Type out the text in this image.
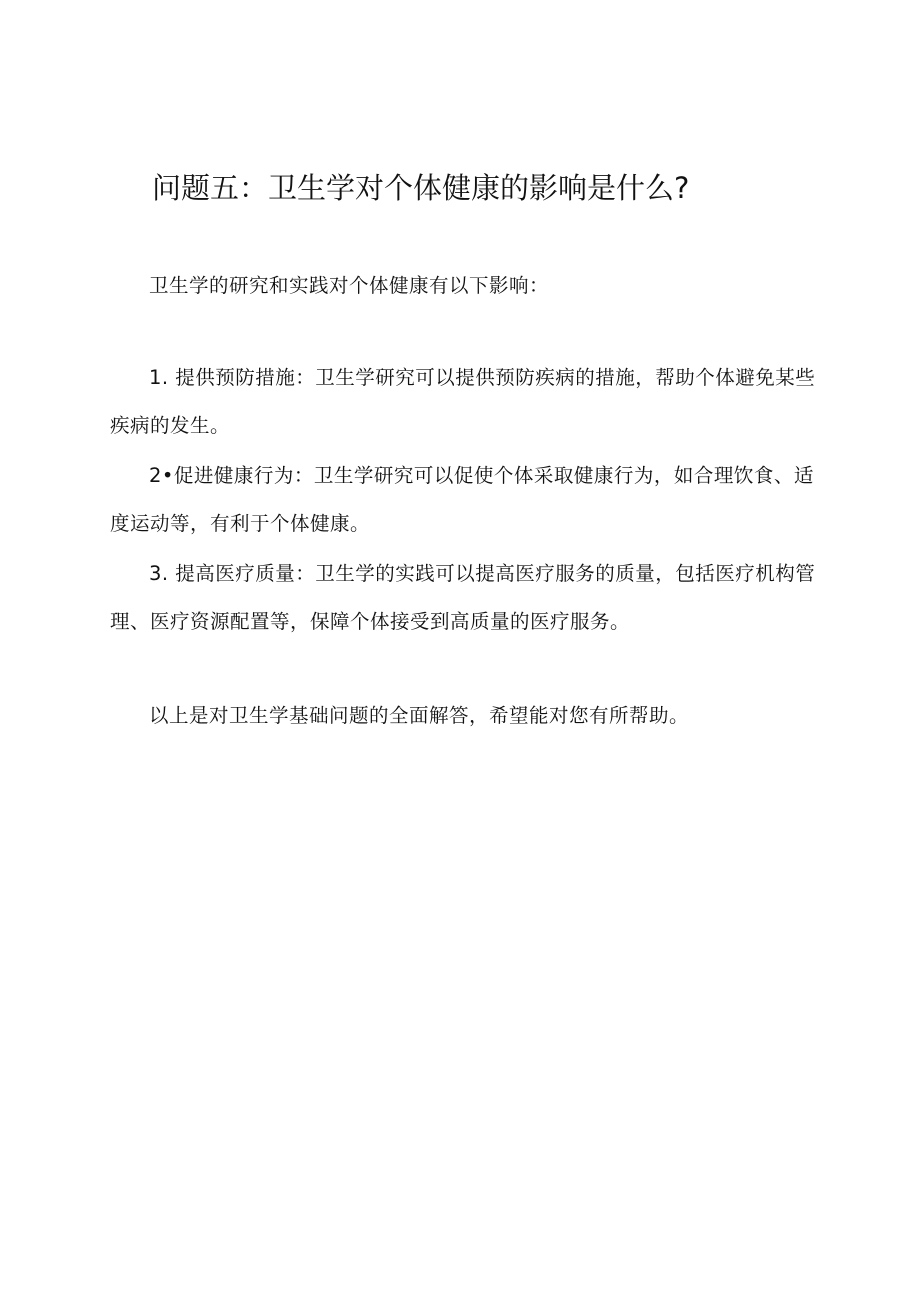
问题五：卫生学对个体健康的影响是什么?

卫生学的研究和实践对个体健康有以下影响：

1. 提供预防措施：卫生学研究可以提供预防疾病的措施，帮助个体避免某些疾病的发生。

2•促进健康行为：卫生学研究可以促使个体采取健康行为，如合理饮食、适度运动等，有利于个体健康。

3. 提高医疗质量：卫生学的实践可以提高医疗服务的质量，包括医疗机构管理、医疗资源配置等，保障个体接受到高质量的医疗服务。

以上是对卫生学基础问题的全面解答，希望能对您有所帮助。
